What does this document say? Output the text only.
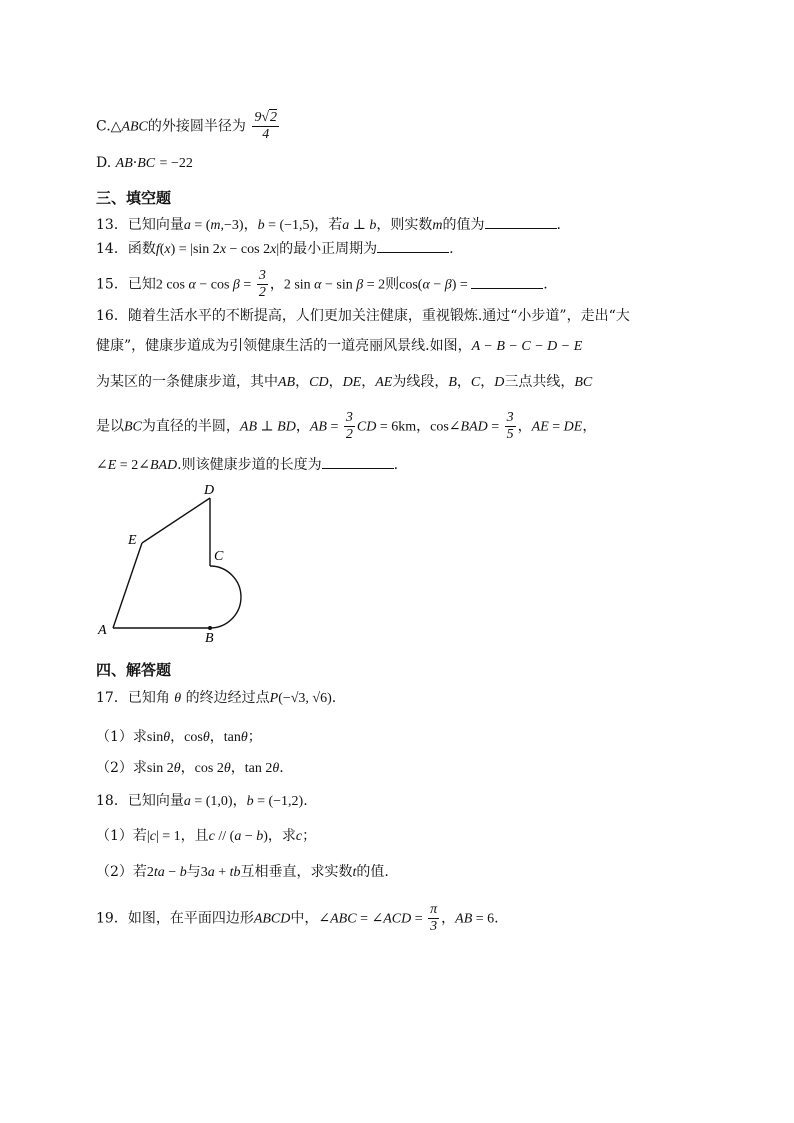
C.△ABC的外接圆半径为 $\frac{9√2}{4}$
D. AB·BC = −22
三、填空题
13．已知向量a = (m,−3)，b = (−1,5)，若a ⊥ b，则实数m的值为	.
14．函数f(x) = |sin 2x − cos 2x|的最小正周期为	.
15．已知2 $\cos \alpha - \cos \beta = \frac{3}{2}$ ，2 sin α − sin β = 2则cos(α − β) =	.
16．随着生活水平的不断提高，人们更加关注健康，重视锻炼.通过“小步道”，走出“大
健康”，健康步道成为引领健康生活的一道亮丽风景线.如图，A − B − C − D − E
为某区的一条健康步道，其中AB，CD，DE，AE为线段，B，C，D三点共线，BC
是以BC为直径的半圆，AB ⊥ BD，AB = $\frac{3}{2}$ CD = 6km，cos∠BAD = $\frac{3}{5}$ ，AE = DE，
∠E = 2∠BAD.则该健康步道的长度为	.
A
B
C
D
E
四、解答题
17．已知角 θ 的终边经过点P(−√3, √6).
（1）求sinθ，cosθ，tanθ；
（2）求sin 2θ，cos 2θ，tan 2θ.
18．已知向量a = (1,0)，b = (−1,2).
（1）若|c| = 1，且c // (a − b)，求c；
（2）若2ta − b与3a + tb互相垂直，求实数t的值.
19．如图，在平面四边形ABCD中，∠ABC = ∠ACD = $\frac{\pi}{3}$ ，AB = 6.
